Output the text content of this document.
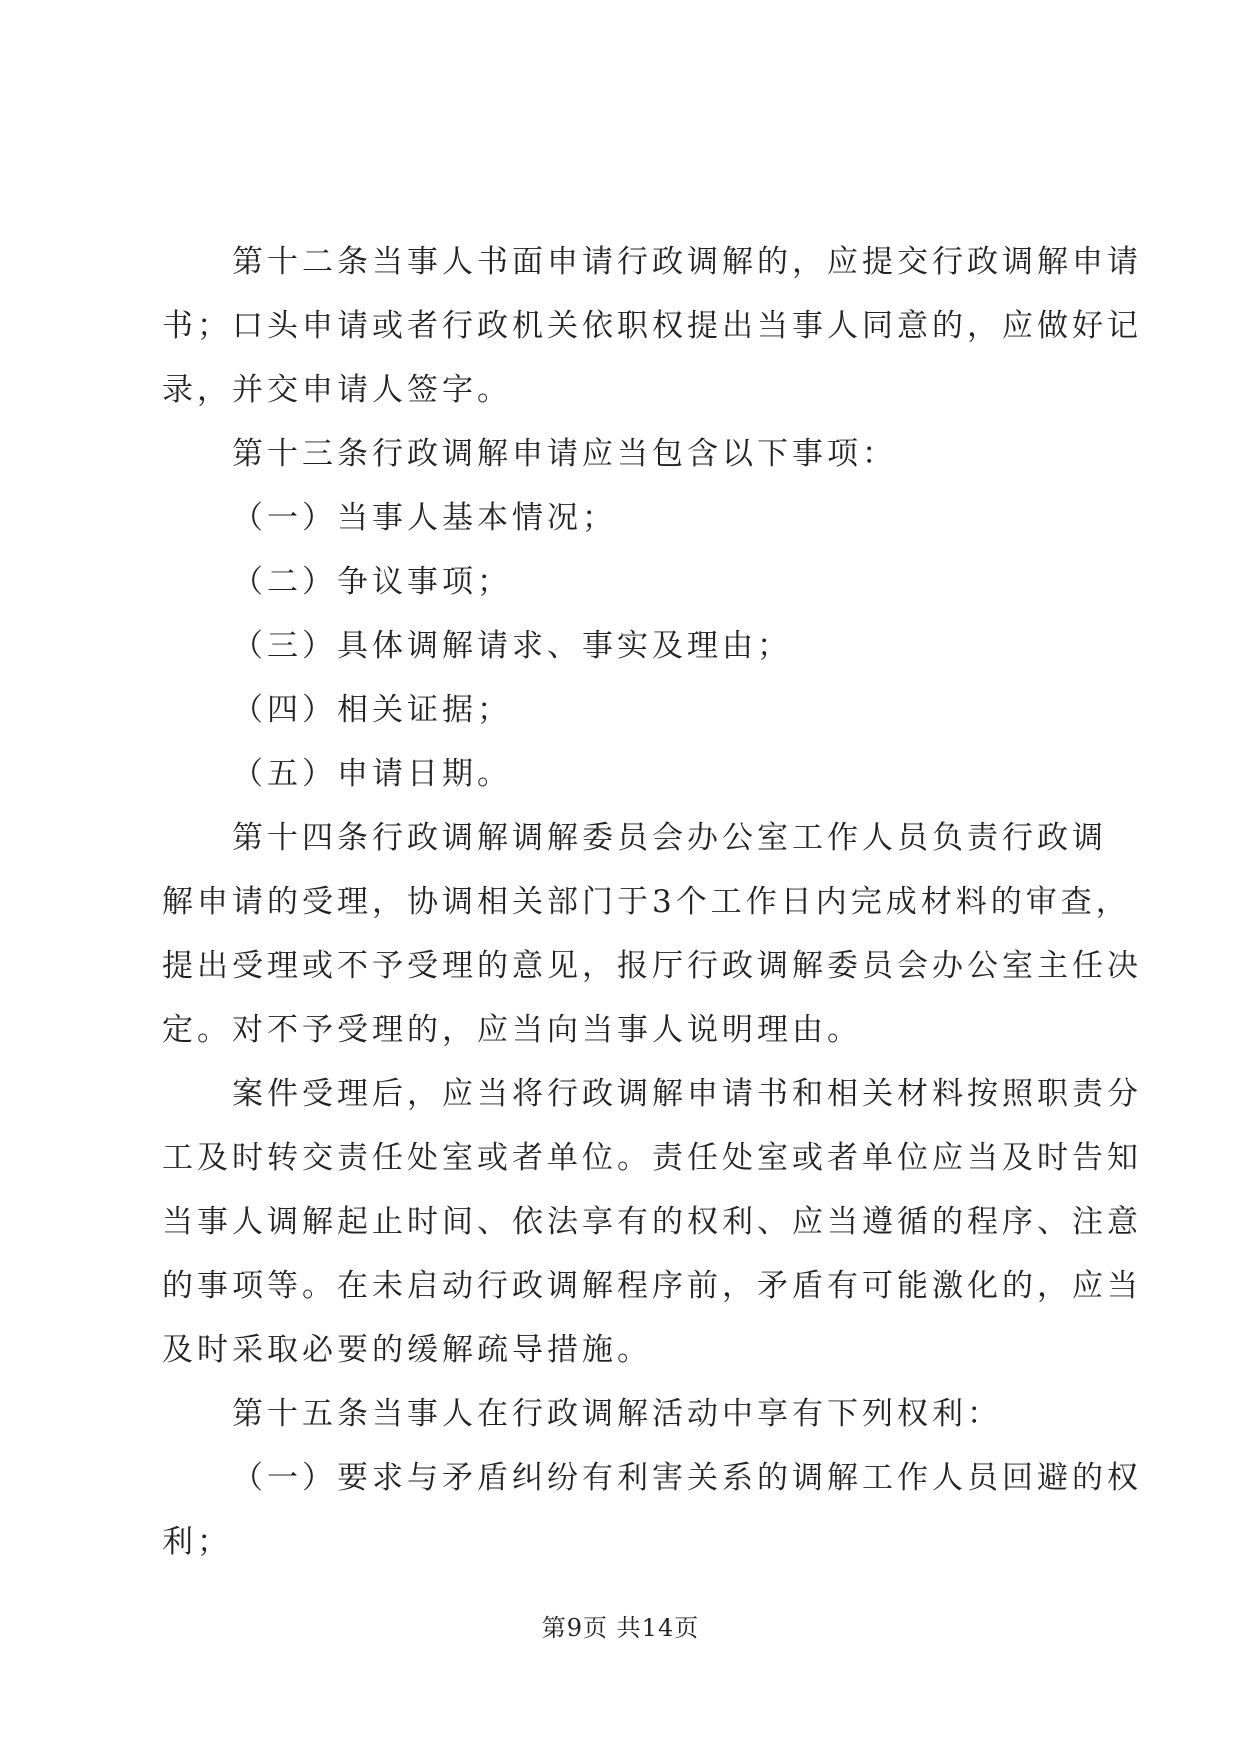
第十二条当事人书面申请行政调解的，应提交行政调解申请
书；口头申请或者行政机关依职权提出当事人同意的，应做好记
录，并交申请人签字。
第十三条行政调解申请应当包含以下事项：
（一）当事人基本情况；
（二）争议事项；
（三）具体调解请求、事实及理由；
（四）相关证据；
（五）申请日期。
第十四条行政调解调解委员会办公室工作人员负责行政调
解申请的受理，协调相关部门于3个工作日内完成材料的审查，
提出受理或不予受理的意见，报厅行政调解委员会办公室主任决
定。对不予受理的，应当向当事人说明理由。
案件受理后，应当将行政调解申请书和相关材料按照职责分
工及时转交责任处室或者单位。责任处室或者单位应当及时告知
当事人调解起止时间、依法享有的权利、应当遵循的程序、注意
的事项等。在未启动行政调解程序前，矛盾有可能激化的，应当
及时采取必要的缓解疏导措施。
第十五条当事人在行政调解活动中享有下列权利：
（一）要求与矛盾纠纷有利害关系的调解工作人员回避的权
利；
第9页 共14页
